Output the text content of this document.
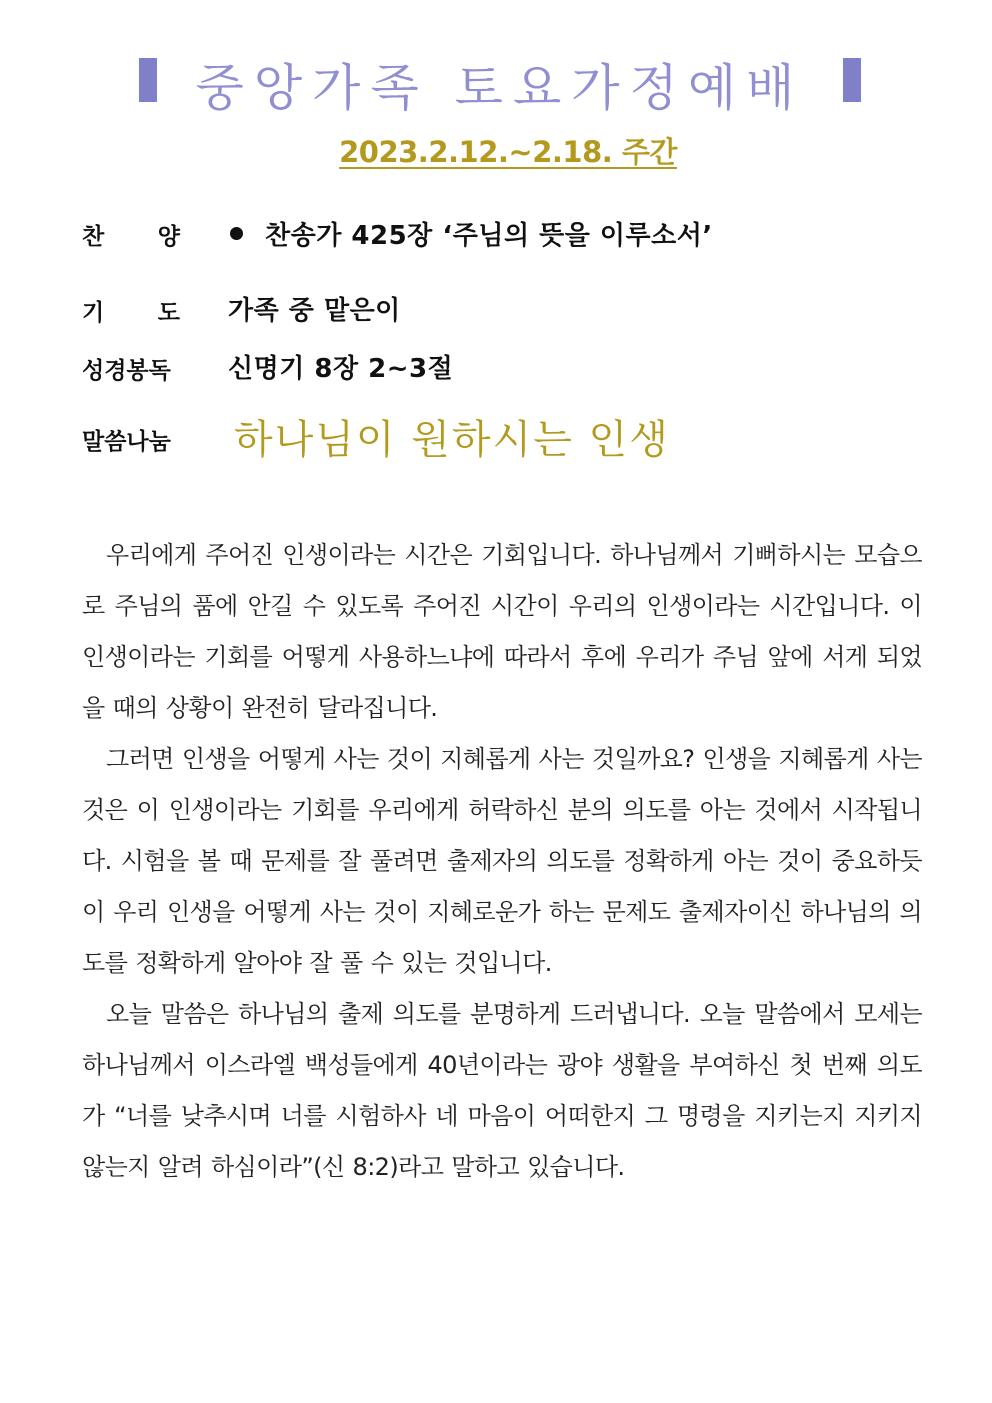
중앙가족 토요가정예배
2023.2.12.~2.18. 주간
찬 양	찬송가 425장 ‘주님의 뜻을 이루소서’
기 도 가족 중 맡은이
성경봉독 신명기 8장 2~3절
말씀나눔 하나님이 원하시는 인생

우리에게 주어진 인생이라는 시간은 기회입니다. 하나님께서 기뻐하시는 모습으로 주님의 품에 안길 수 있도록 주어진 시간이 우리의 인생이라는 시간입니다. 이 인생이라는 기회를 어떻게 사용하느냐에 따라서 후에 우리가 주님 앞에 서게 되었을 때의 상황이 완전히 달라집니다.

그러면 인생을 어떻게 사는 것이 지혜롭게 사는 것일까요? 인생을 지혜롭게 사는 것은 이 인생이라는 기회를 우리에게 허락하신 분의 의도를 아는 것에서 시작됩니다. 시험을 볼 때 문제를 잘 풀려면 출제자의 의도를 정확하게 아는 것이 중요하듯이 우리 인생을 어떻게 사는 것이 지혜로운가 하는 문제도 출제자이신 하나님의 의도를 정확하게 알아야 잘 풀 수 있는 것입니다.

오늘 말씀은 하나님의 출제 의도를 분명하게 드러냅니다. 오늘 말씀에서 모세는 하나님께서 이스라엘 백성들에게 40년이라는 광야 생활을 부여하신 첫 번째 의도가 “너를 낮추시며 너를 시험하사 네 마음이 어떠한지 그 명령을 지키는지 지키지 않는지 알려 하심이라”(신 8:2)라고 말하고 있습니다.
